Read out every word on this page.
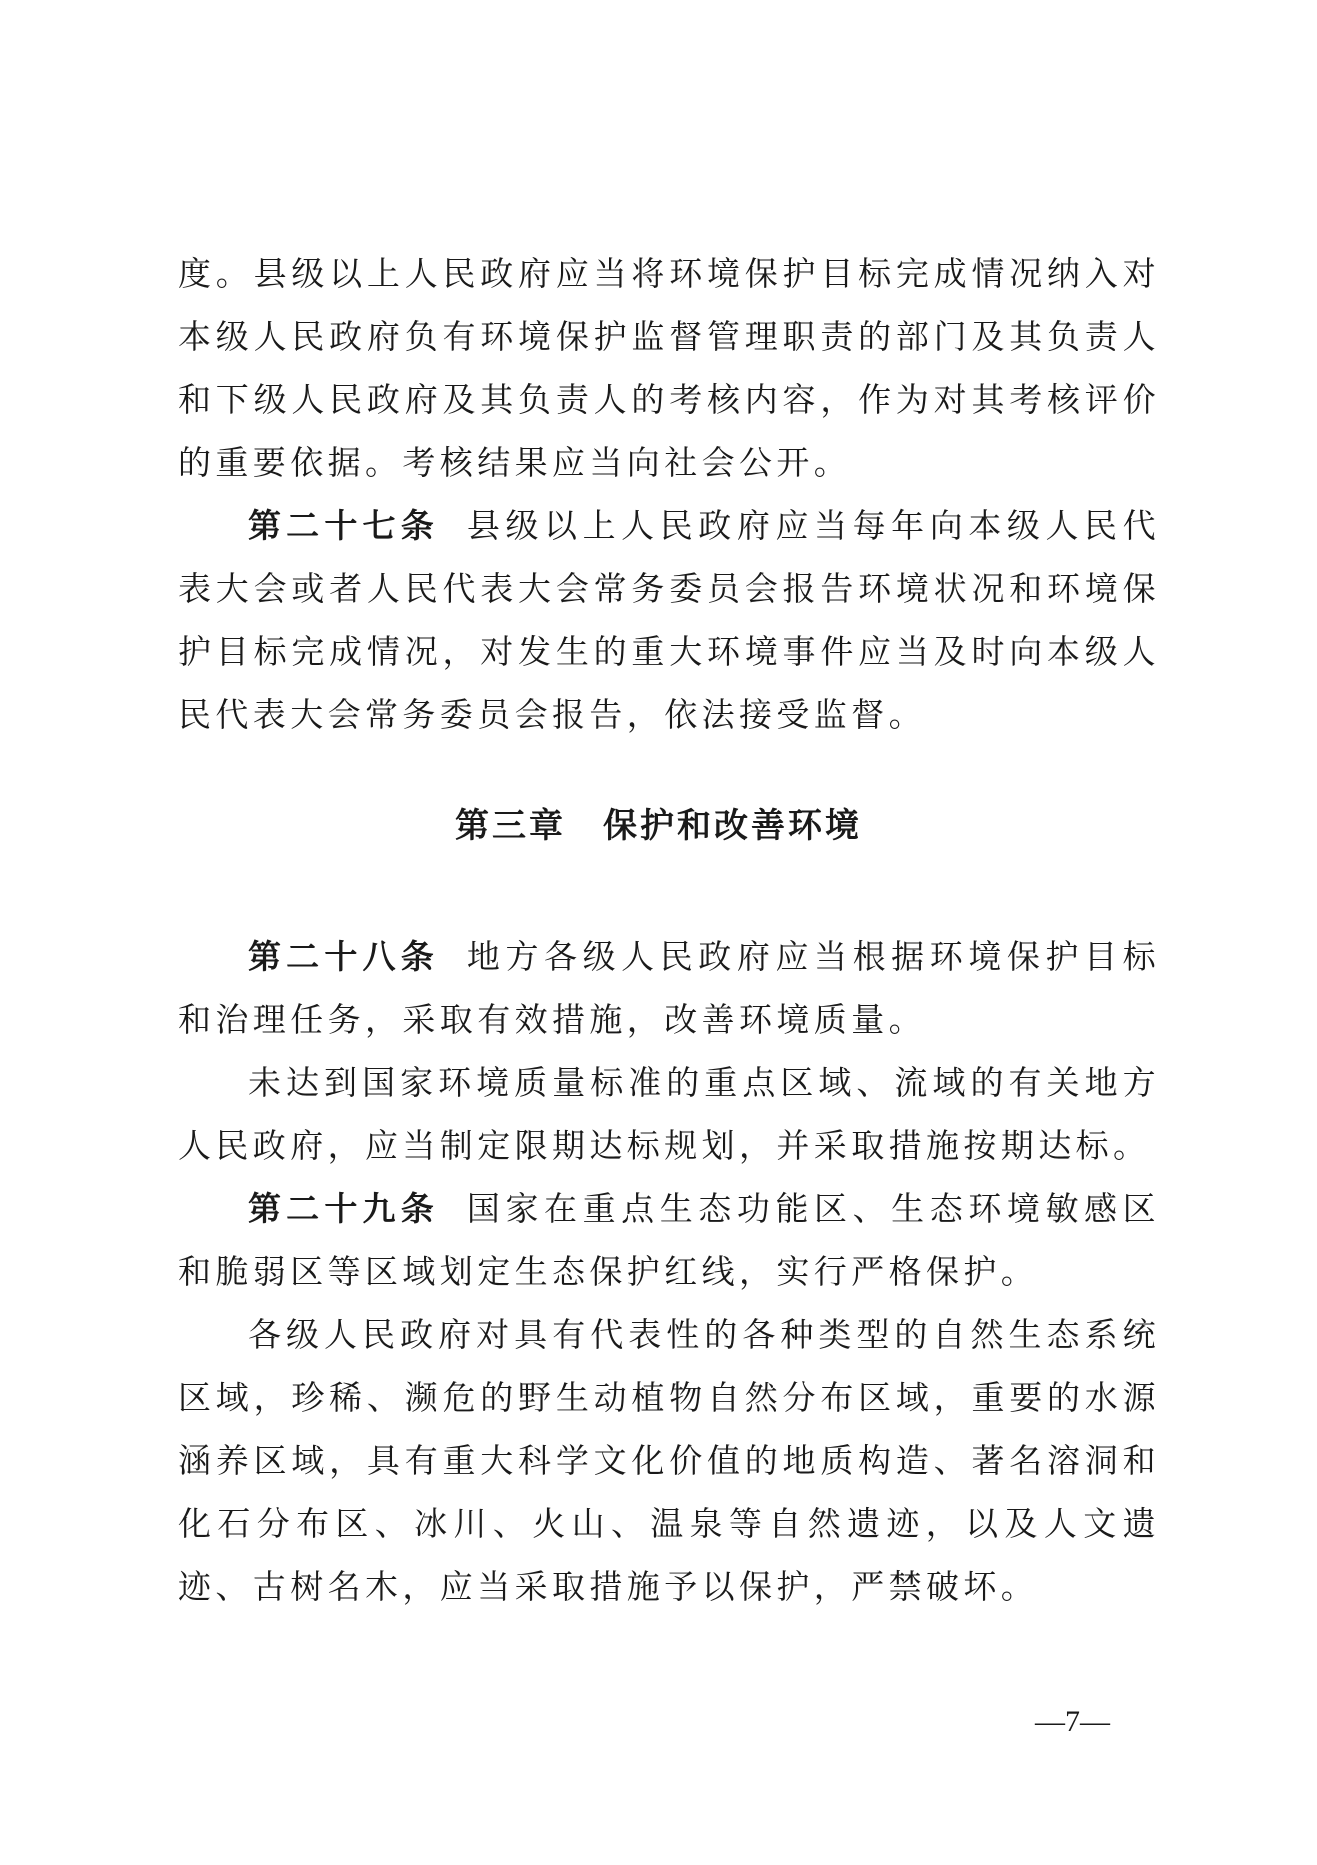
度。县级以上人民政府应当将环境保护目标完成情况纳入对本级人民政府负有环境保护监督管理职责的部门及其负责人和下级人民政府及其负责人的考核内容，作为对其考核评价的重要依据。考核结果应当向社会公开。

第二十七条 县级以上人民政府应当每年向本级人民代表大会或者人民代表大会常务委员会报告环境状况和环境保护目标完成情况，对发生的重大环境事件应当及时向本级人民代表大会常务委员会报告，依法接受监督。

第三章　保护和改善环境

第二十八条 地方各级人民政府应当根据环境保护目标和治理任务，采取有效措施，改善环境质量。

未达到国家环境质量标准的重点区域、流域的有关地方人民政府，应当制定限期达标规划，并采取措施按期达标。

第二十九条 国家在重点生态功能区、生态环境敏感区和脆弱区等区域划定生态保护红线，实行严格保护。

各级人民政府对具有代表性的各种类型的自然生态系统区域，珍稀、濒危的野生动植物自然分布区域，重要的水源涵养区域，具有重大科学文化价值的地质构造、著名溶洞和化石分布区、冰川、火山、温泉等自然遗迹，以及人文遗迹、古树名木，应当采取措施予以保护，严禁破坏。

—7—
